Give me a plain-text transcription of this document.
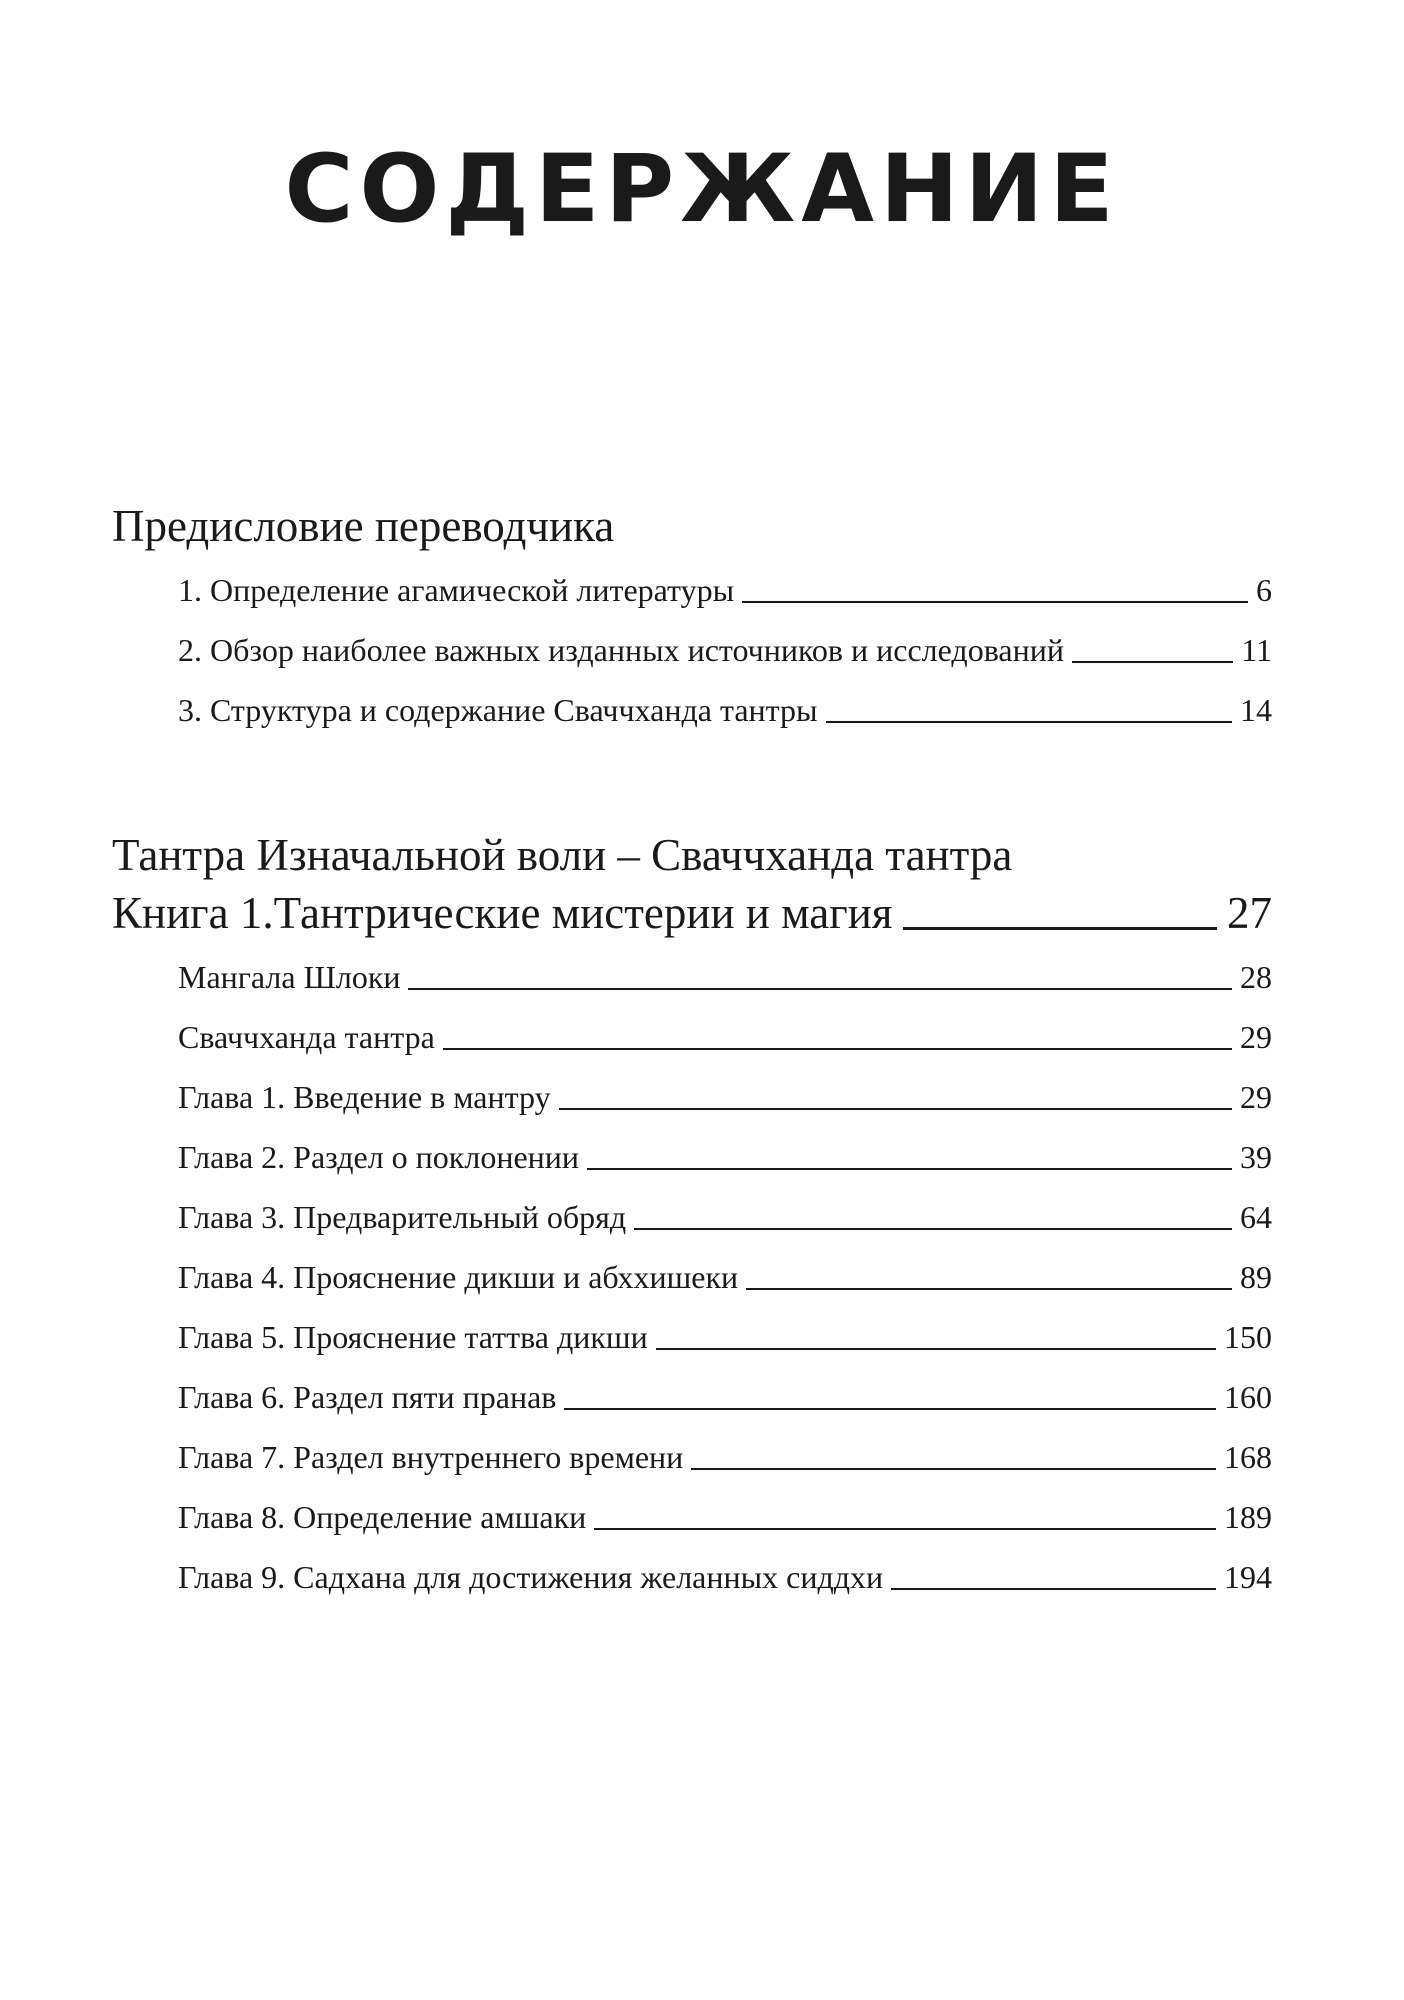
СОДЕРЖАНИЕ
Предисловие переводчика
1. Определение агамической литературы	6
2. Обзор наиболее важных изданных источников и исследований	11
3. Структура и содержание Сваччханда тантры	14
Тантра Изначальной воли – Сваччханда тантра
Книга 1.Тантрические мистерии и магия	27
Мангала Шлоки	28
Сваччханда тантра	29
Глава 1. Введение в мантру	29
Глава 2. Раздел о поклонении	39
Глава 3. Предварительный обряд	64
Глава 4. Прояснение дикши и абххишеки	89
Глава 5. Прояснение таттва дикши	150
Глава 6. Раздел пяти пранав	160
Глава 7. Раздел внутреннего времени	168
Глава 8. Определение амшаки	189
Глава 9. Садхана для достижения желанных сиддхи	194
